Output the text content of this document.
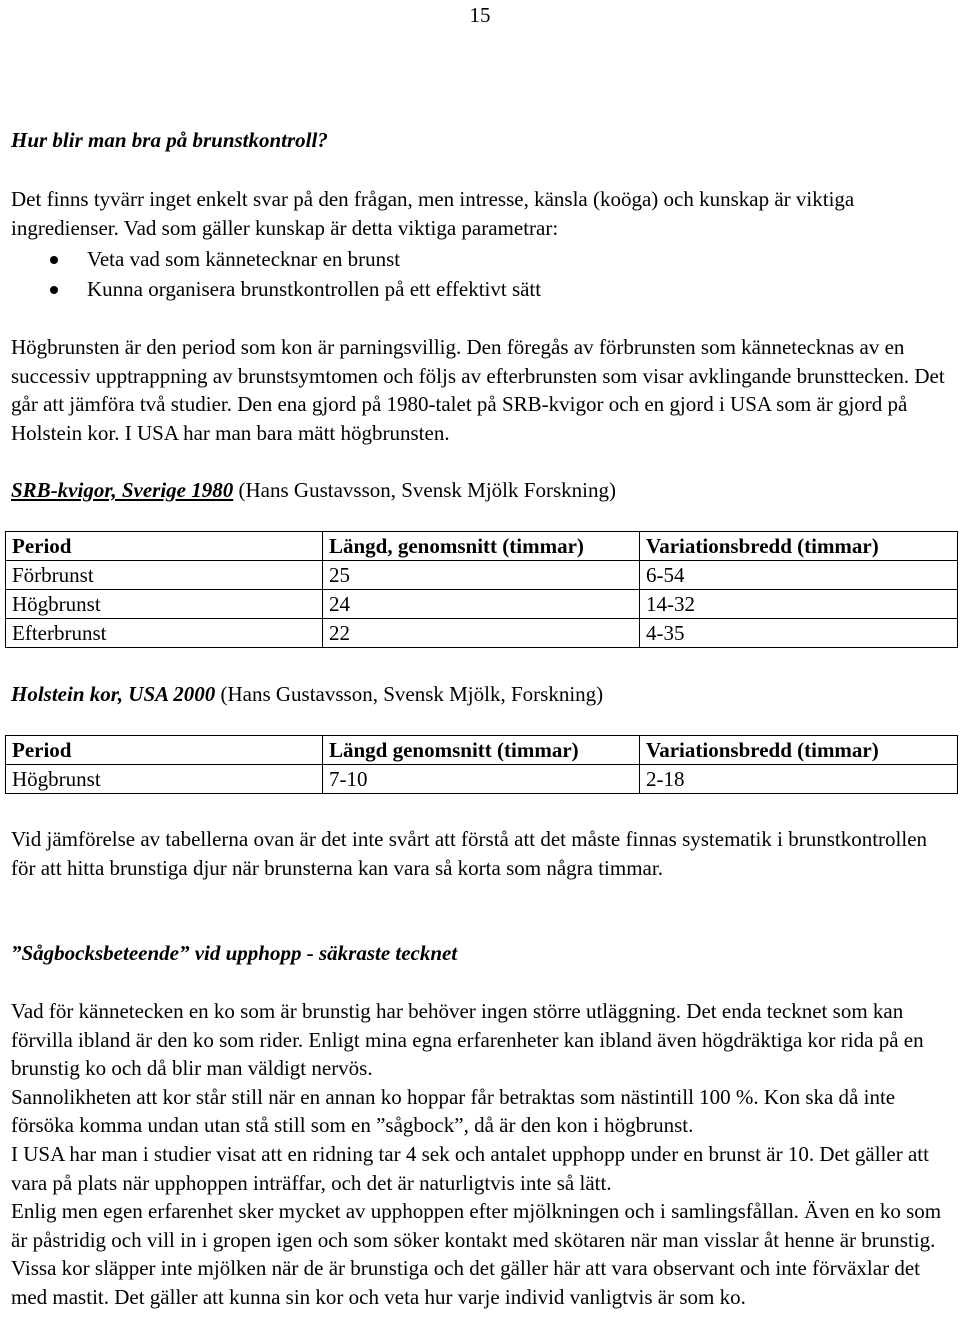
15
Hur blir man bra på brunstkontroll?
Det finns tyvärr inget enkelt svar på den frågan, men intresse, känsla (koöga) och kunskap är viktiga ingredienser. Vad som gäller kunskap är detta viktiga parametrar:
Veta vad som kännetecknar en brunst
Kunna organisera brunstkontrollen på ett effektivt sätt
Högbrunsten är den period som kon är parningsvillig. Den föregås av förbrunsten som kännetecknas av en successiv upptrappning av brunstsymtomen och följs av efterbrunsten som visar avklingande brunsttecken. Det går att jämföra två studier. Den ena gjord på 1980-talet på SRB-kvigor och en gjord i USA som är gjord på Holstein kor. I USA har man bara mätt högbrunsten.
SRB-kvigor, Sverige 1980 (Hans Gustavsson, Svensk Mjölk Forskning)
Period	Längd, genomsnitt (timmar)	Variationsbredd (timmar)
Förbrunst	25	6-54
Högbrunst	24	14-32
Efterbrunst	22	4-35
Holstein kor, USA 2000 (Hans Gustavsson, Svensk Mjölk, Forskning)
Period	Längd genomsnitt (timmar)	Variationsbredd (timmar)
Högbrunst	7-10	2-18
Vid jämförelse av tabellerna ovan är det inte svårt att förstå att det måste finnas systematik i brunstkontrollen för att hitta brunstiga djur när brunsterna kan vara så korta som några timmar.
”Sågbocksbeteende” vid upphopp - säkraste tecknet
Vad för kännetecken en ko som är brunstig har behöver ingen större utläggning. Det enda tecknet som kan förvilla ibland är den ko som rider. Enligt mina egna erfarenheter kan ibland även högdräktiga kor rida på en brunstig ko och då blir man väldigt nervös.
Sannolikheten att kor står still när en annan ko hoppar får betraktas som nästintill 100 %. Kon ska då inte försöka komma undan utan stå still som en ”sågbock”, då är den kon i högbrunst.
I USA har man i studier visat att en ridning tar 4 sek och antalet upphopp under en brunst är 10. Det gäller att vara på plats när upphoppen inträffar, och det är naturligtvis inte så lätt.
Enlig men egen erfarenhet sker mycket av upphoppen efter mjölkningen och i samlingsfållan. Även en ko som är påstridig och vill in i gropen igen och som söker kontakt med skötaren när man visslar åt henne är brunstig. Vissa kor släpper inte mjölken när de är brunstiga och det gäller här att vara observant och inte förväxlar det med mastit. Det gäller att kunna sin kor och veta hur varje individ vanligtvis är som ko.
